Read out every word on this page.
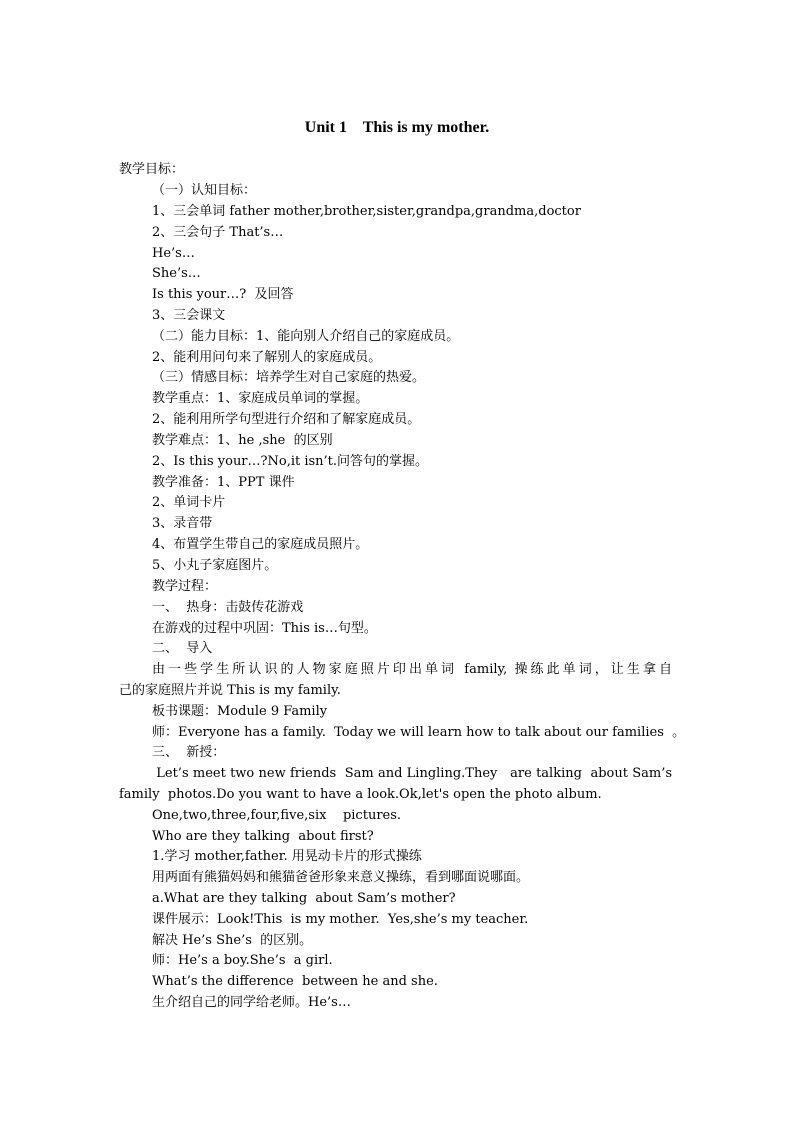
Unit 1    This is my mother.
教学目标：
（一）认知目标：
1、三会单词 father mother,brother,sister,grandpa,grandma,doctor
2、三会句子 That’s…
He’s…
She’s…
Is this your…?  及回答
3、三会课文
（二）能力目标：1、能向别人介绍自己的家庭成员。
2、能利用问句来了解别人的家庭成员。
（三）情感目标：培养学生对自己家庭的热爱。
教学重点：1、家庭成员单词的掌握。
2、能利用所学句型进行介绍和了解家庭成员。
教学难点：1、he ,she  的区别
2、Is this your…?No,it isn’t.问答句的掌握。
教学准备：1、PPT 课件
2、单词卡片
3、录音带
4、布置学生带自己的家庭成员照片。
5、小丸子家庭图片。
教学过程：
一、  热身：击鼓传花游戏
在游戏的过程中巩固：This is…句型。
二、  导入
由一些学生所认识的人物家庭照片印出单词 family, 操练此单词，让生拿自
己的家庭照片并说 This is my family.
板书课题：Module 9 Family
师：Everyone has a family.  Today we will learn how to talk about our families  。
三、  新授：
Let’s meet two new friends  Sam and Lingling.They   are talking  about Sam’s
family  photos.Do you want to have a look.Ok,let's open the photo album.
One,two,three,four,five,six    pictures.
Who are they talking  about first?
1.学习 mother,father. 用晃动卡片的形式操练
用两面有熊猫妈妈和熊猫爸爸形象来意义操练，看到哪面说哪面。
a.What are they talking  about Sam’s mother?
课件展示：Look!This  is my mother.  Yes,she’s my teacher.
解决 He’s She’s  的区别。
师：He’s a boy.She’s  a girl.
What’s the difference  between he and she.
生介绍自己的同学给老师。He’s…
